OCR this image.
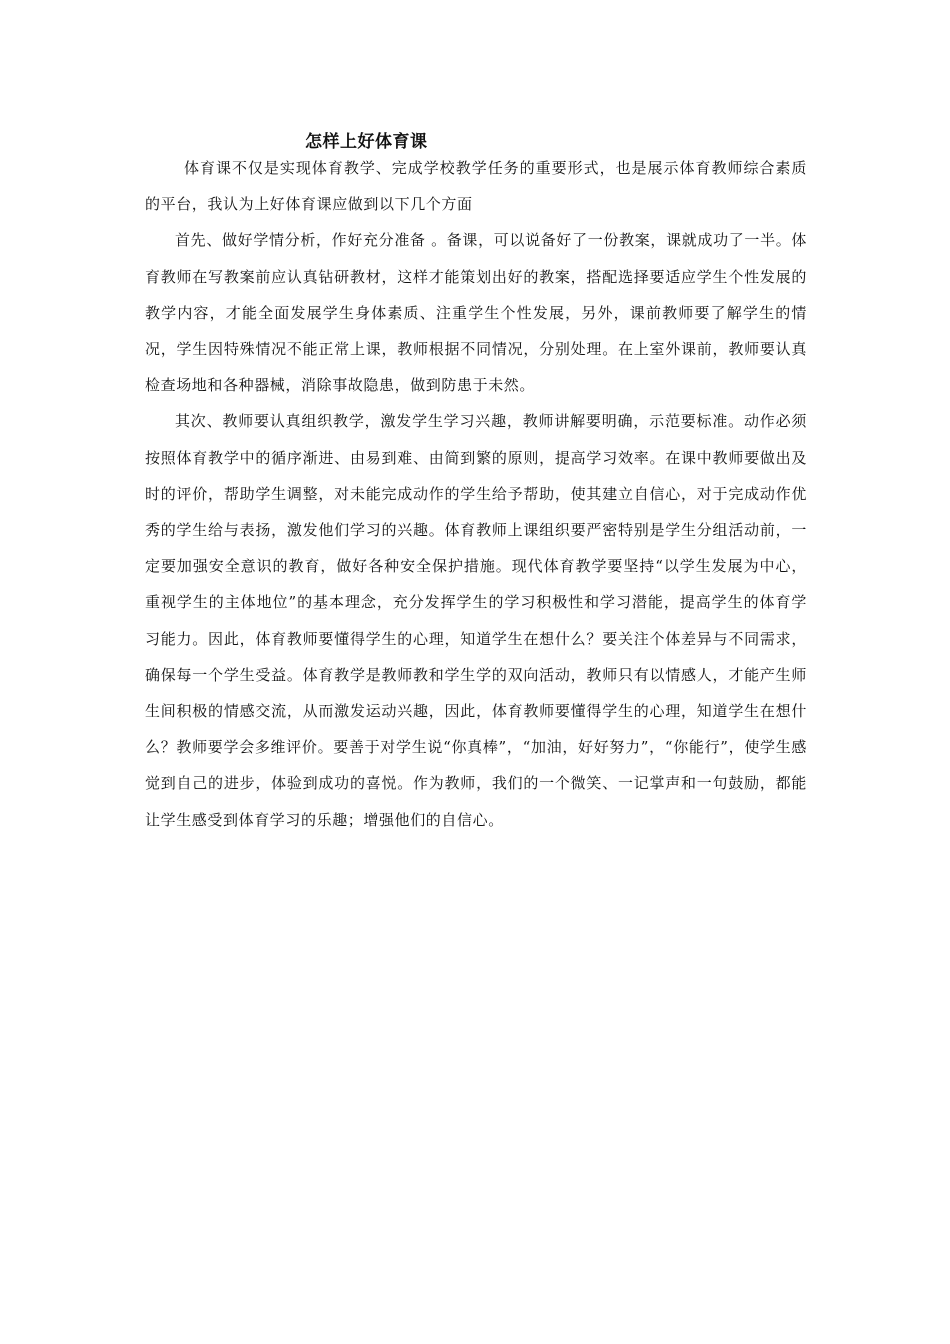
怎样上好体育课

体育课不仅是实现体育教学、完成学校教学任务的重要形式，也是展示体育教师综合素质的平台，我认为上好体育课应做到以下几个方面

首先、做好学情分析，作好充分准备 。备课，可以说备好了一份教案，课就成功了一半。体育教师在写教案前应认真钻研教材，这样才能策划出好的教案，搭配选择要适应学生个性发展的教学内容，才能全面发展学生身体素质、注重学生个性发展，另外，课前教师要了解学生的情况，学生因特殊情况不能正常上课，教师根据不同情况，分别处理。在上室外课前，教师要认真检查场地和各种器械，消除事故隐患，做到防患于未然。

其次、教师要认真组织教学，激发学生学习兴趣，教师讲解要明确，示范要标准。动作必须按照体育教学中的循序渐进、由易到难、由简到繁的原则，提高学习效率。在课中教师要做出及时的评价，帮助学生调整，对未能完成动作的学生给予帮助，使其建立自信心，对于完成动作优秀的学生给与表扬，激发他们学习的兴趣。体育教师上课组织要严密特别是学生分组活动前，一定要加强安全意识的教育，做好各种安全保护措施。现代体育教学要坚持“以学生发展为中心，重视学生的主体地位”的基本理念，充分发挥学生的学习积极性和学习潜能，提高学生的体育学习能力。因此，体育教师要懂得学生的心理，知道学生在想什么？要关注个体差异与不同需求，确保每一个学生受益。体育教学是教师教和学生学的双向活动，教师只有以情感人，才能产生师生间积极的情感交流，从而激发运动兴趣，因此，体育教师要懂得学生的心理，知道学生在想什么？教师要学会多维评价。要善于对学生说“你真棒”，“加油，好好努力”，“你能行”，使学生感觉到自己的进步，体验到成功的喜悦。作为教师，我们的一个微笑、一记掌声和一句鼓励，都能让学生感受到体育学习的乐趣；增强他们的自信心。
